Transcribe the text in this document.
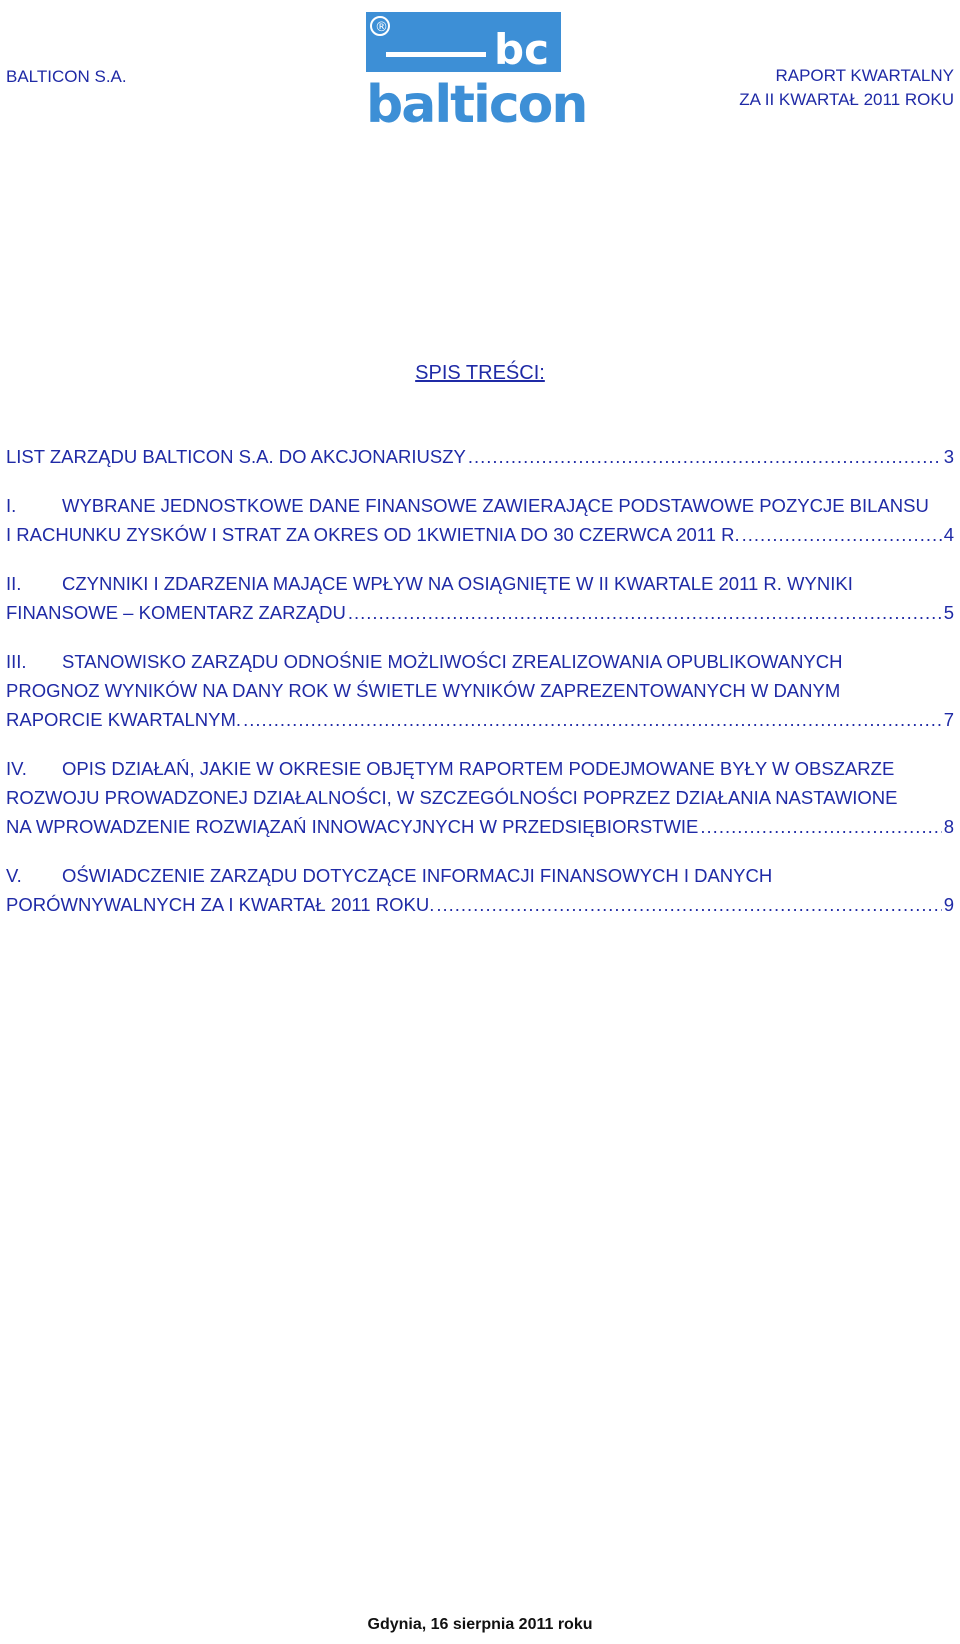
BALTICON S.A.	RAPORT KWARTALNY
ZA II KWARTAŁ 2011 ROKU
bc
®
balticon
SPIS TREŚCI:
LIST ZARZĄDU BALTICON S.A. DO AKCJONARIUSZY .....	3
I.	WYBRANE JEDNOSTKOWE DANE FINANSOWE ZAWIERAJĄCE PODSTAWOWE POZYCJE BILANSU
I RACHUNKU ZYSKÓW I STRAT ZA OKRES OD 1KWIETNIA DO 30 CZERWCA 2011 R. .....	4
II.	CZYNNIKI I ZDARZENIA MAJĄCE WPŁYW NA OSIĄGNIĘTE W II KWARTALE 2011 R. WYNIKI
FINANSOWE – KOMENTARZ ZARZĄDU .....	5
III.	STANOWISKO ZARZĄDU ODNOŚNIE MOŻLIWOŚCI ZREALIZOWANIA OPUBLIKOWANYCH
PROGNOZ WYNIKÓW NA DANY ROK W ŚWIETLE WYNIKÓW ZAPREZENTOWANYCH W DANYM
RAPORCIE KWARTALNYM. .....	7
IV.	OPIS DZIAŁAŃ, JAKIE W OKRESIE OBJĘTYM RAPORTEM PODEJMOWANE BYŁY W OBSZARZE
ROZWOJU PROWADZONEJ DZIAŁALNOŚCI, W SZCZEGÓLNOŚCI POPRZEZ DZIAŁANIA NASTAWIONE
NA WPROWADZENIE ROZWIĄZAŃ INNOWACYJNYCH W PRZEDSIĘBIORSTWIE .....	8
V.	OŚWIADCZENIE ZARZĄDU DOTYCZĄCE INFORMACJI FINANSOWYCH I DANYCH
PORÓWNYWALNYCH ZA I KWARTAŁ 2011 ROKU. .....	9
Gdynia, 16 sierpnia 2011 roku
